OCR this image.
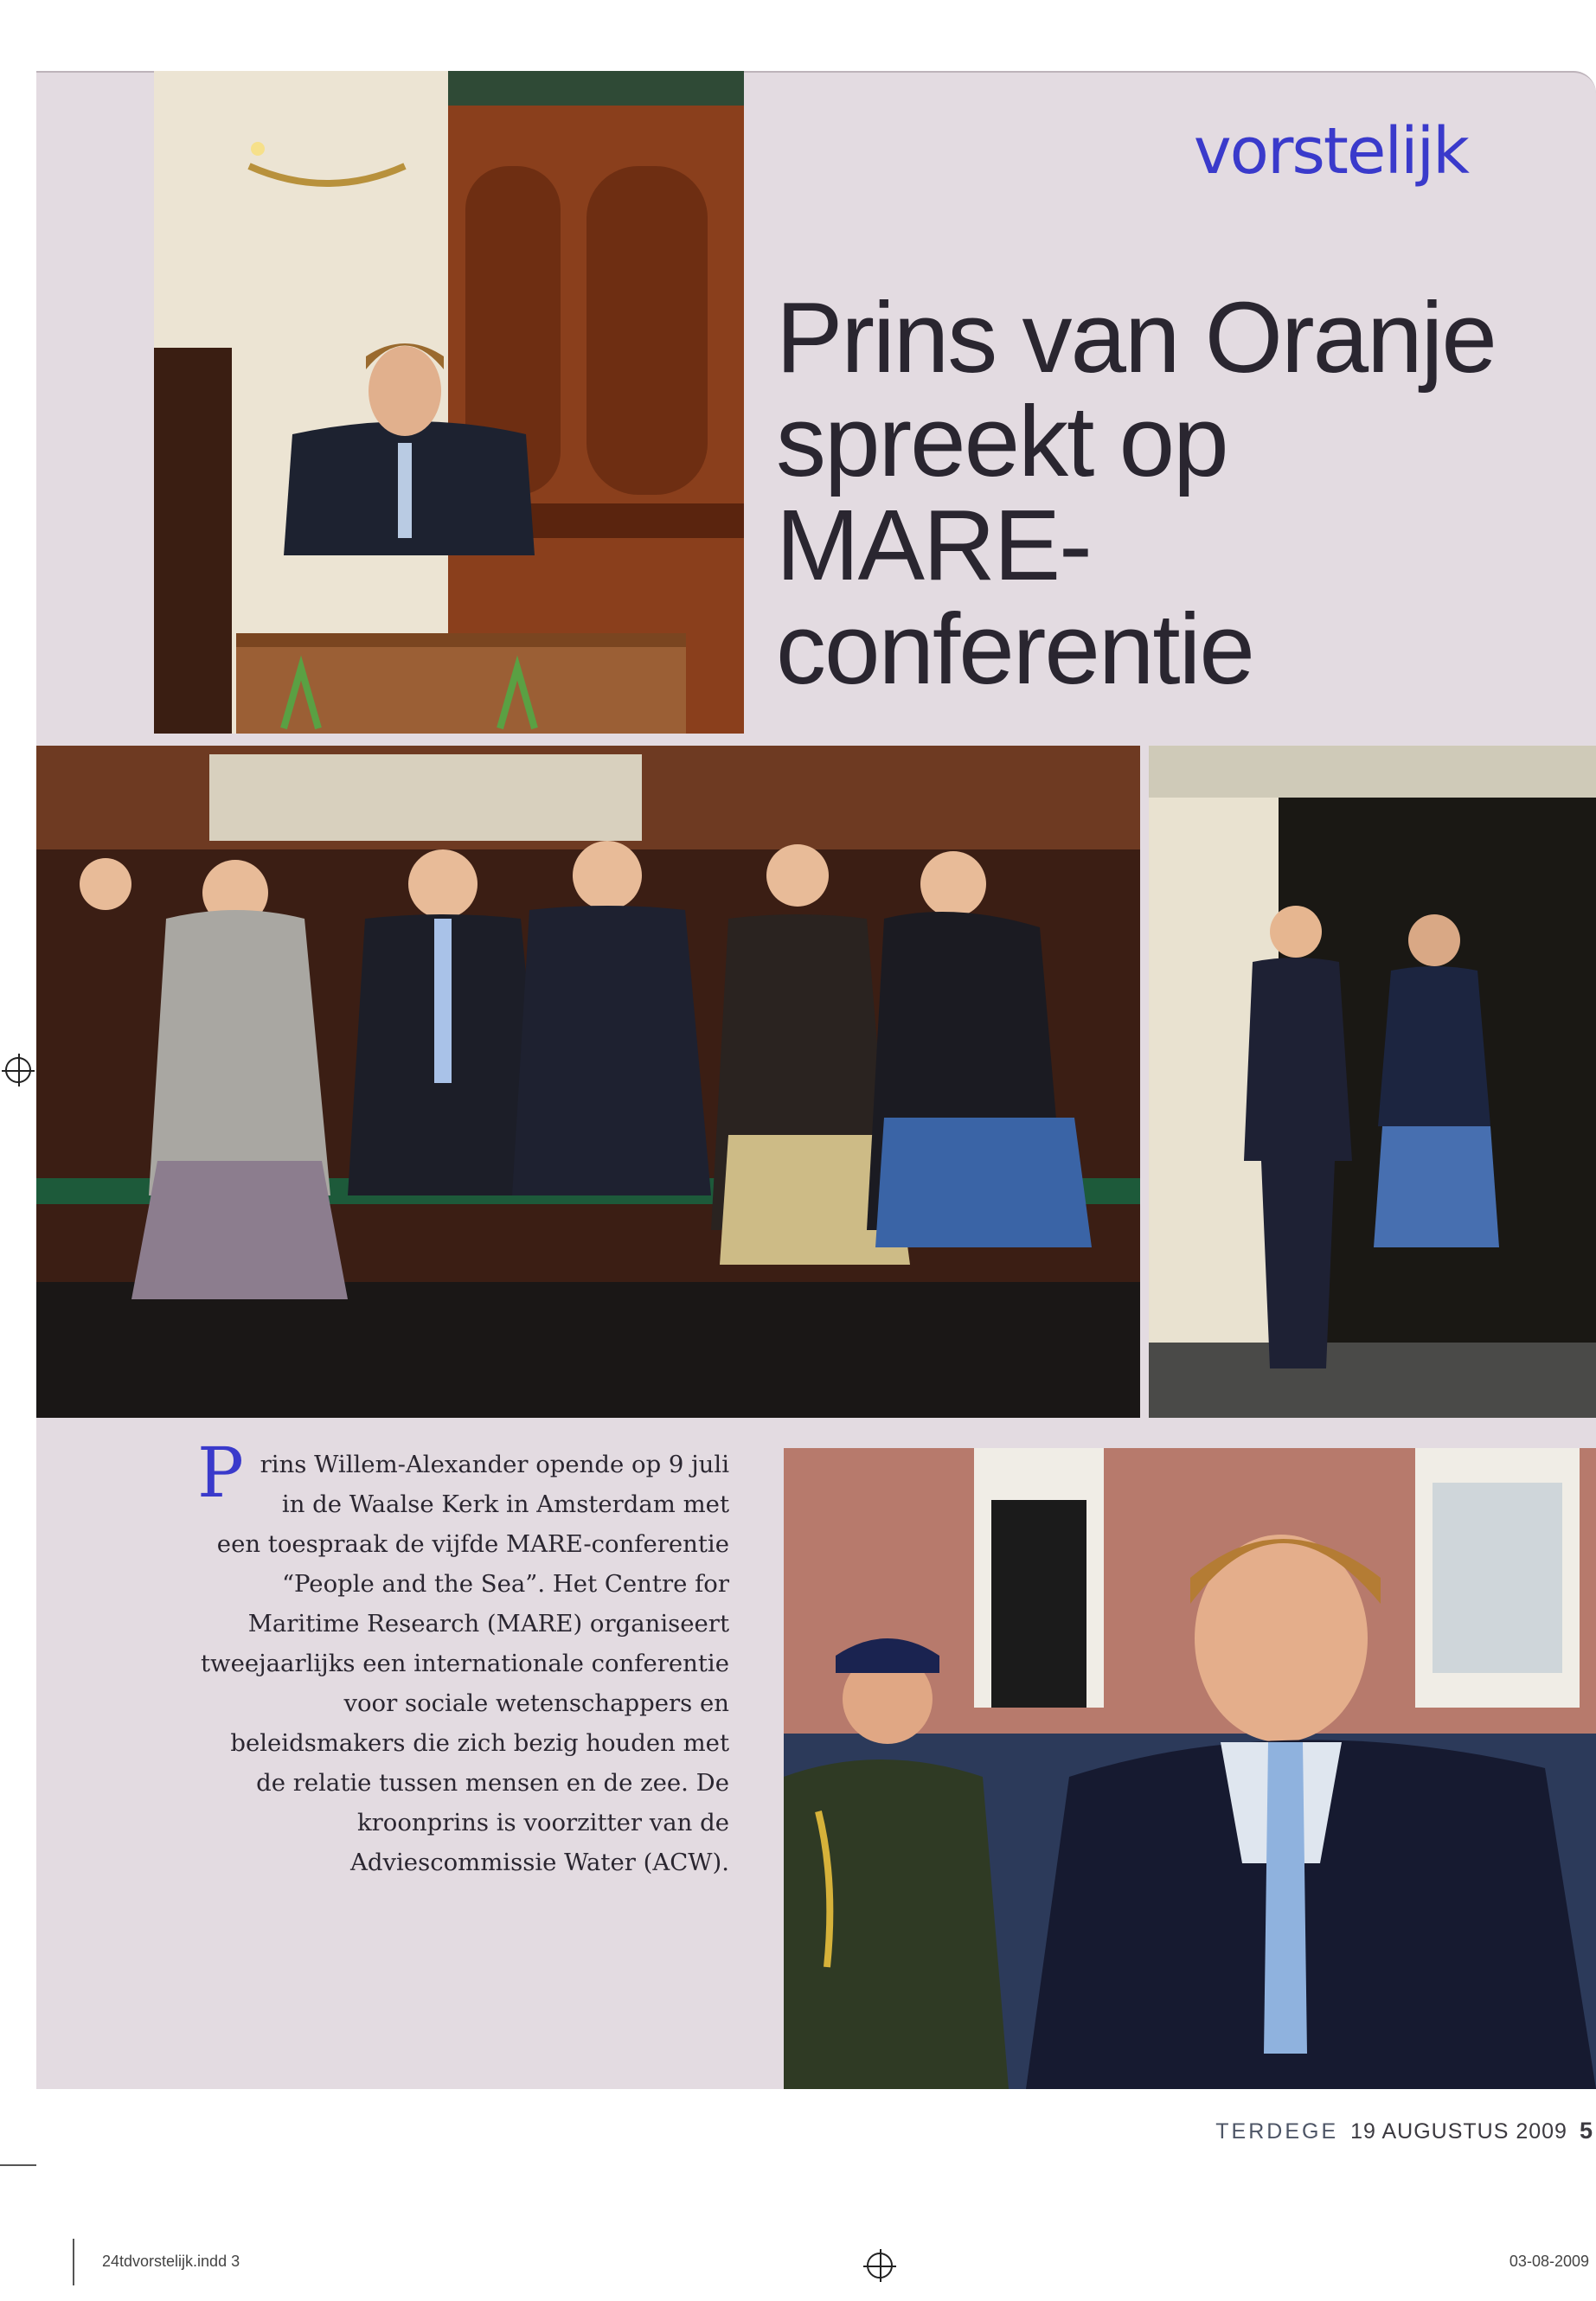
vorstelijk
Prins van Oranje
spreekt op
MARE-
conferentie

Prins Willem-Alexander opende op 9 juli in de Waalse Kerk in Amsterdam met een toespraak de vijfde MARE-conferentie “People and the Sea”. Het Centre for Maritime Research (MARE) organiseert tweejaarlijks een internationale conferentie voor sociale wetenschappers en beleidsmakers die zich bezig houden met de relatie tussen mensen en de zee. De kroonprins is voorzitter van de Adviescommissie Water (ACW).

TERDEGE 19 AUGUSTUS 2009 5
24tdvorstelijk.indd 3	03-08-2009
